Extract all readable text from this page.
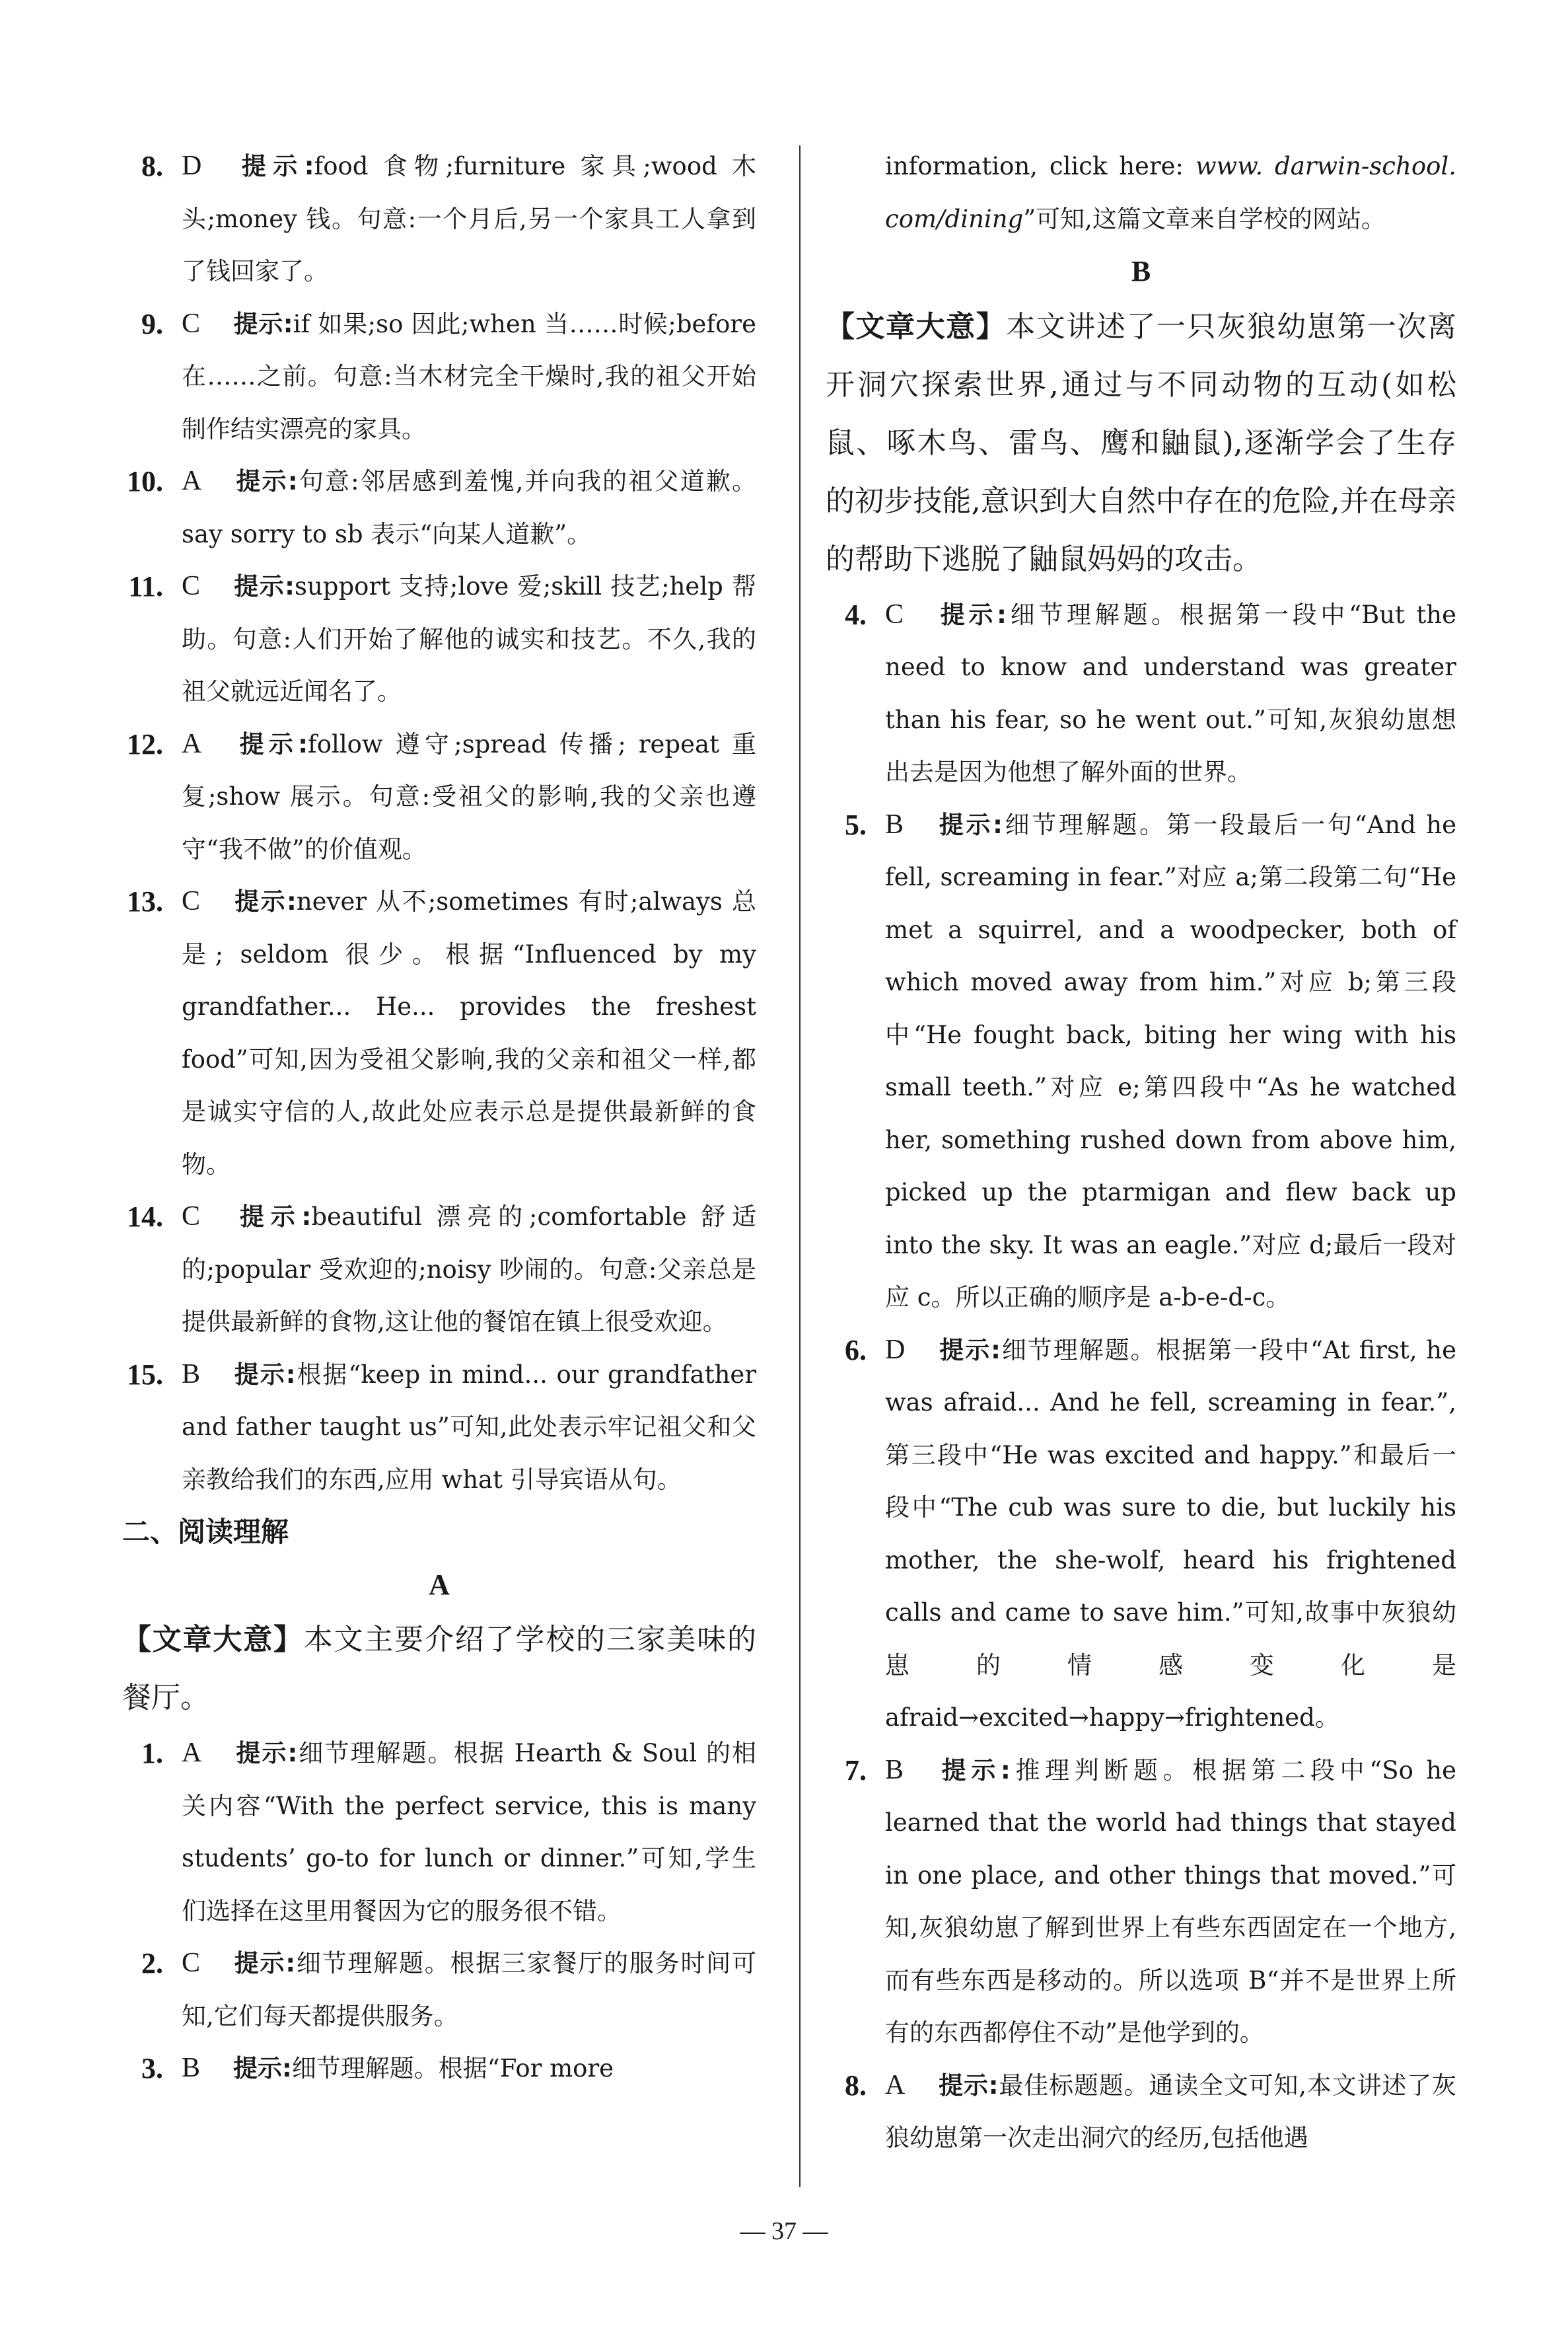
8. D 提示:food 食物;furniture 家具;wood 木头;money 钱。句意:一个月后,另一个家具工人拿到了钱回家了。
9. C 提示:if 如果;so 因此;when 当……时候;before 在……之前。句意:当木材完全干燥时,我的祖父开始制作结实漂亮的家具。
10. A 提示:句意:邻居感到羞愧,并向我的祖父道歉。say sorry to sb 表示“向某人道歉”。
11. C 提示:support 支持;love 爱;skill 技艺;help 帮助。句意:人们开始了解他的诚实和技艺。不久,我的祖父就远近闻名了。
12. A 提示:follow 遵守;spread 传播; repeat 重复;show 展示。句意:受祖父的影响,我的父亲也遵守“我不做”的价值观。
13. C 提示:never 从不;sometimes 有时;always 总是; seldom 很少。根据“Influenced by my grandfather... He... provides the freshest food”可知,因为受祖父影响,我的父亲和祖父一样,都是诚实守信的人,故此处应表示总是提供最新鲜的食物。
14. C 提示:beautiful 漂亮的;comfortable 舒适的;popular 受欢迎的;noisy 吵闹的。句意:父亲总是提供最新鲜的食物,这让他的餐馆在镇上很受欢迎。
15. B 提示:根据“keep in mind... our grandfather and father taught us”可知,此处表示牢记祖父和父亲教给我们的东西,应用 what 引导宾语从句。
二、阅读理解
A
【文章大意】本文主要介绍了学校的三家美味的餐厅。
1. A 提示:细节理解题。根据 Hearth & Soul 的相关内容“With the perfect service, this is many students’ go-to for lunch or dinner.”可知,学生们选择在这里用餐因为它的服务很不错。
2. C 提示:细节理解题。根据三家餐厅的服务时间可知,它们每天都提供服务。
3. B 提示:细节理解题。根据“For more
information, click here: www. darwin-school. com/dining”可知,这篇文章来自学校的网站。
B
【文章大意】本文讲述了一只灰狼幼崽第一次离开洞穴探索世界,通过与不同动物的互动(如松鼠、啄木鸟、雷鸟、鹰和鼬鼠),逐渐学会了生存的初步技能,意识到大自然中存在的危险,并在母亲的帮助下逃脱了鼬鼠妈妈的攻击。
4. C 提示:细节理解题。根据第一段中“But the need to know and understand was greater than his fear, so he went out.”可知,灰狼幼崽想出去是因为他想了解外面的世界。
5. B 提示:细节理解题。第一段最后一句“And he fell, screaming in fear.”对应 a;第二段第二句“He met a squirrel, and a woodpecker, both of which moved away from him.”对应 b;第三段中“He fought back, biting her wing with his small teeth.”对应 e;第四段中“As he watched her, something rushed down from above him, picked up the ptarmigan and flew back up into the sky. It was an eagle.”对应 d;最后一段对应 c。所以正确的顺序是 a-b-e-d-c。
6. D 提示:细节理解题。根据第一段中“At first, he was afraid... And he fell, screaming in fear.”,第三段中“He was excited and happy.”和最后一段中“The cub was sure to die, but luckily his mother, the she-wolf, heard his frightened calls and came to save him.”可知,故事中灰狼幼崽的情感变化是 afraid→excited→happy→frightened。
7. B 提示:推理判断题。根据第二段中“So he learned that the world had things that stayed in one place, and other things that moved.”可知,灰狼幼崽了解到世界上有些东西固定在一个地方,而有些东西是移动的。所以选项 B“并不是世界上所有的东西都停住不动”是他学到的。
8. A 提示:最佳标题题。通读全文可知,本文讲述了灰狼幼崽第一次走出洞穴的经历,包括他遇
— 37 —
